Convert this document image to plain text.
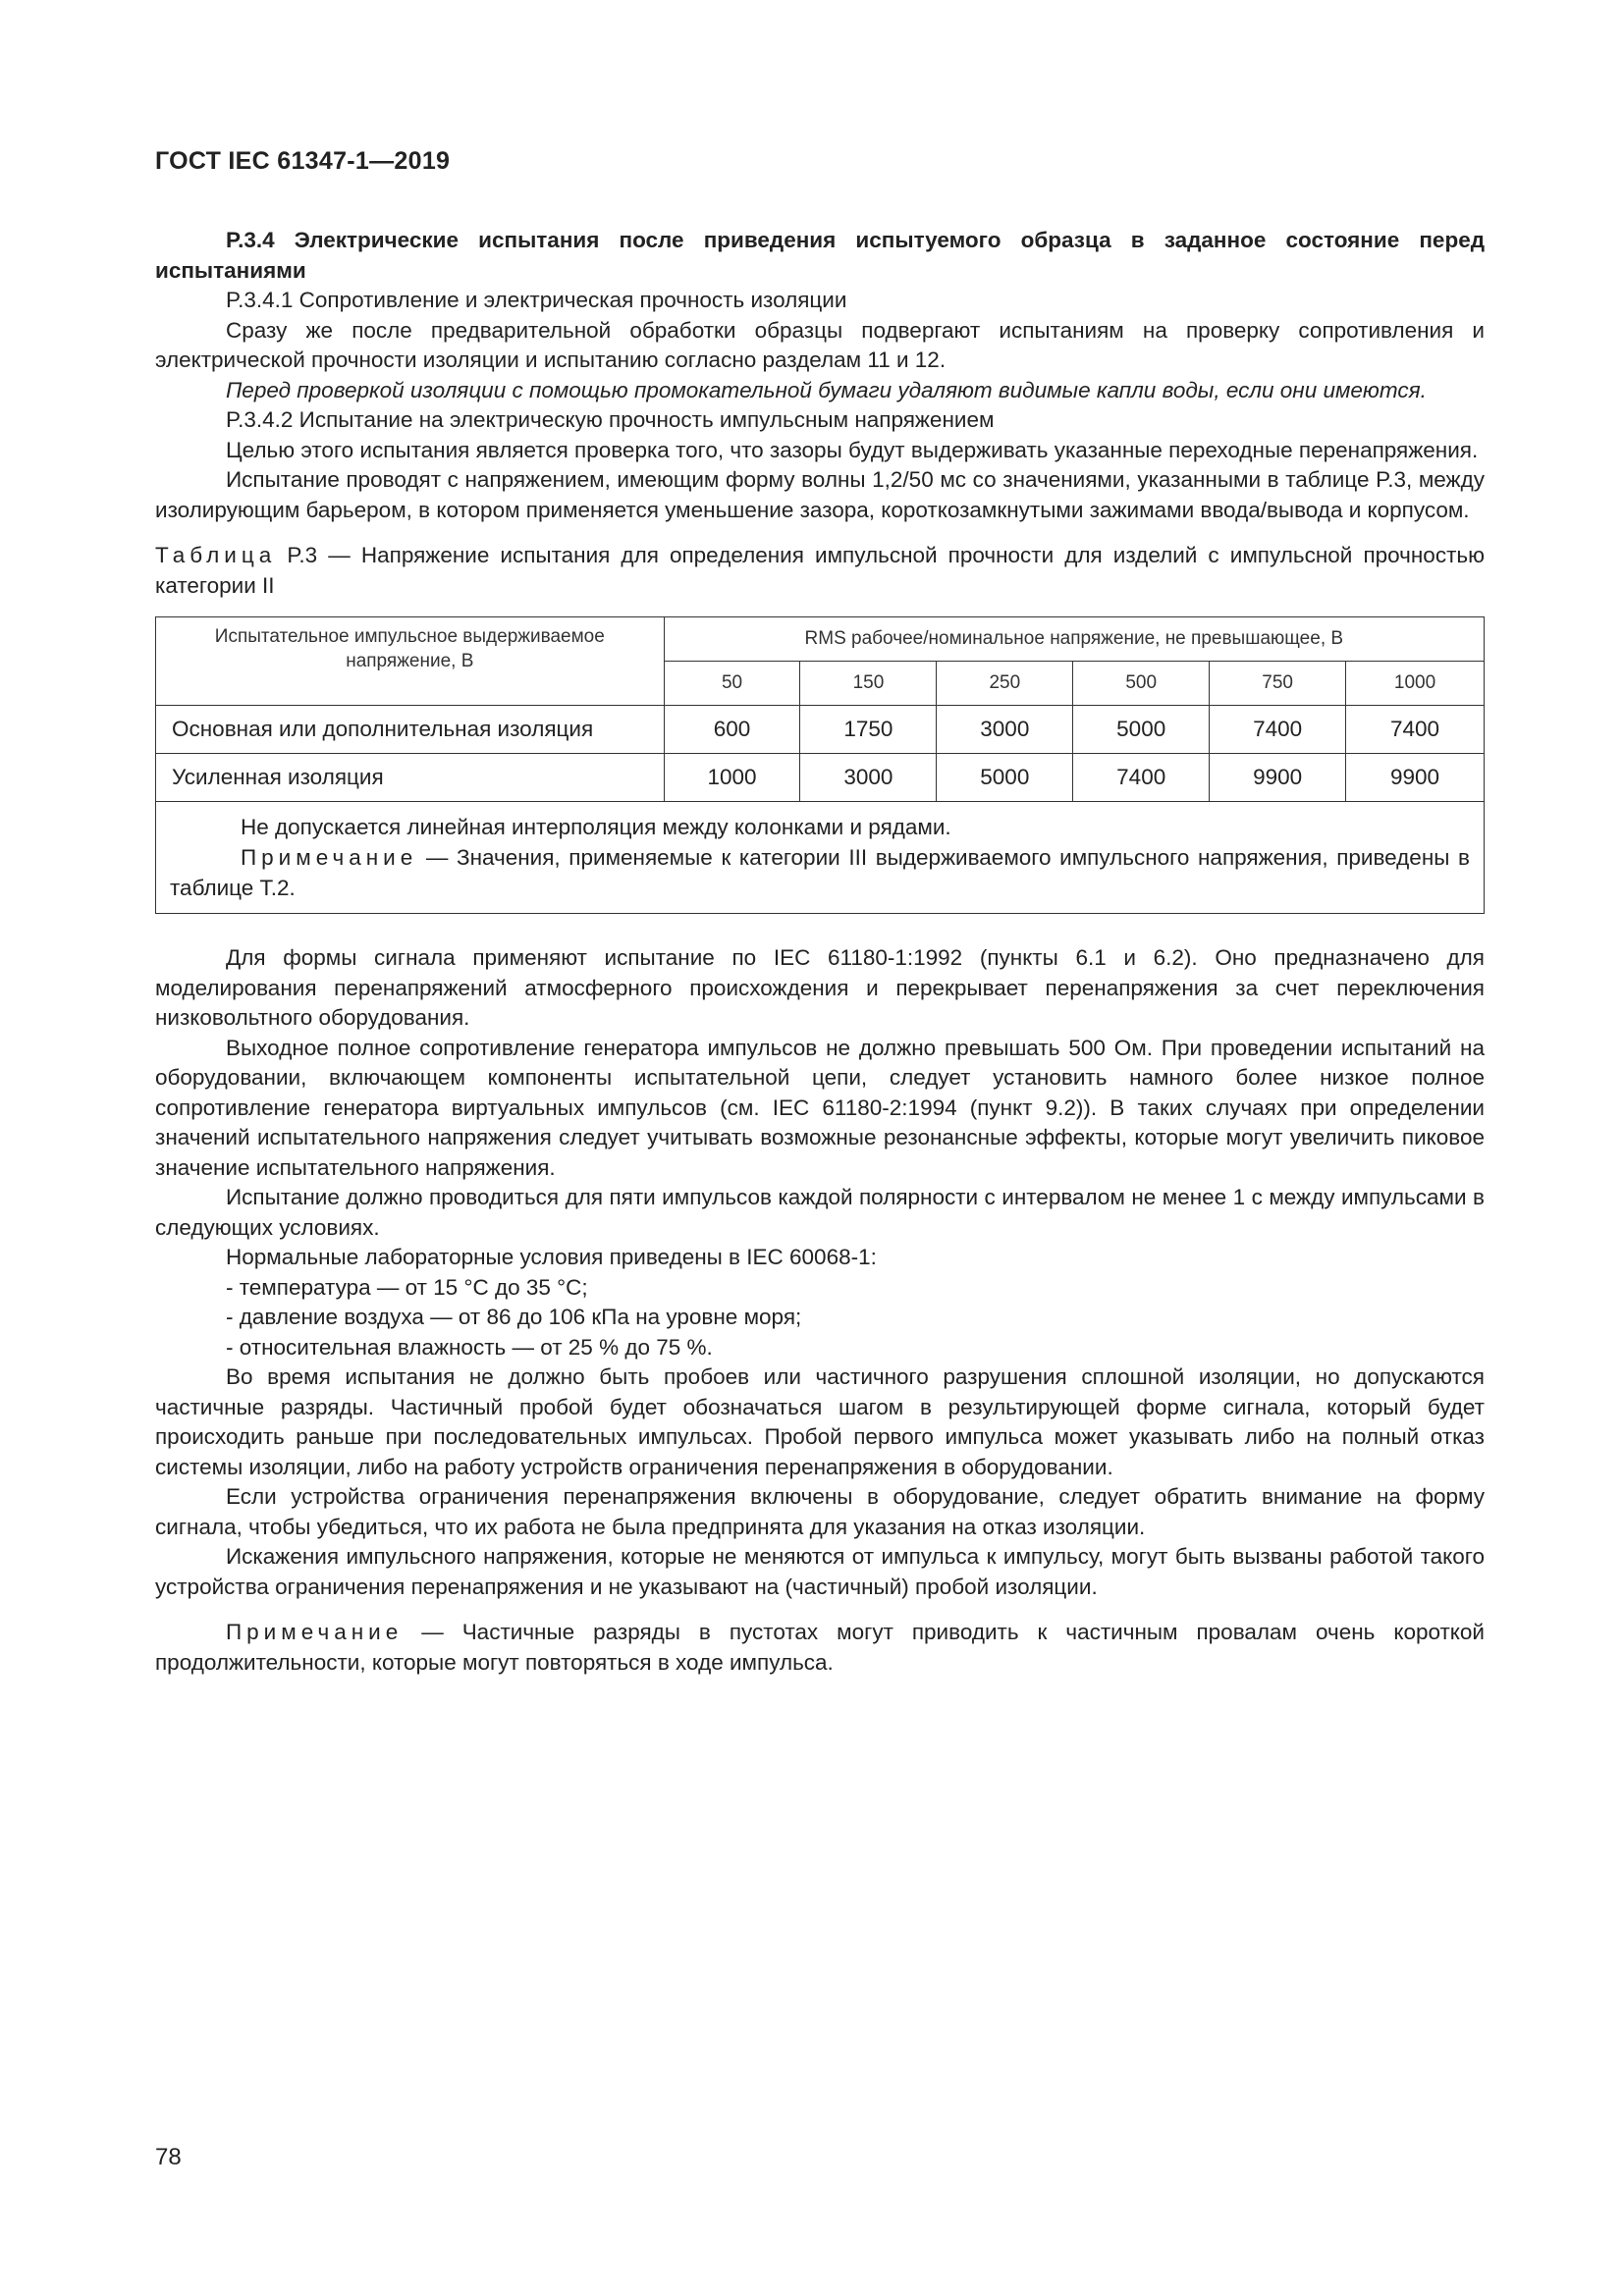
ГОСТ IEC 61347-1—2019

P.3.4 Электрические испытания после приведения испытуемого образца в заданное состояние перед испытаниями

P.3.4.1 Сопротивление и электрическая прочность изоляции

Сразу же после предварительной обработки образцы подвергают испытаниям на проверку сопротивления и электрической прочности изоляции и испытанию согласно разделам 11 и 12.

Перед проверкой изоляции с помощью промокательной бумаги удаляют видимые капли воды, если они имеются.

P.3.4.2 Испытание на электрическую прочность импульсным напряжением

Целью этого испытания является проверка того, что зазоры будут выдерживать указанные переходные перенапряжения.

Испытание проводят с напряжением, имеющим форму волны 1,2/50 мс со значениями, указанными в таблице P.3, между изолирующим барьером, в котором применяется уменьшение зазора, короткозамкнутыми зажимами ввода/вывода и корпусом.

Таблица P.3 — Напряжение испытания для определения импульсной прочности для изделий с импульсной прочностью категории II

Испытательное импульсное выдерживаемое напряжение, В	RMS рабочее/номинальное напряжение, не превышающее, В					
	50	150	250	500	750	1000
Основная или дополнительная изоляция	600	1750	3000	5000	7400	7400
Усиленная изоляция	1000	3000	5000	7400	9900	9900

Не допускается линейная интерполяция между колонками и рядами.

Примечание — Значения, применяемые к категории III выдерживаемого импульсного напряжения, приведены в таблице T.2.						

Для формы сигнала применяют испытание по IEC 61180-1:1992 (пункты 6.1 и 6.2). Оно предназначено для моделирования перенапряжений атмосферного происхождения и перекрывает перенапряжения за счет переключения низковольтного оборудования.

Выходное полное сопротивление генератора импульсов не должно превышать 500 Ом. При проведении испытаний на оборудовании, включающем компоненты испытательной цепи, следует установить намного более низкое полное сопротивление генератора виртуальных импульсов (см. IEC 61180-2:1994 (пункт 9.2)). В таких случаях при определении значений испытательного напряжения следует учитывать возможные резонансные эффекты, которые могут увеличить пиковое значение испытательного напряжения.

Испытание должно проводиться для пяти импульсов каждой полярности с интервалом не менее 1 с между импульсами в следующих условиях.

Нормальные лабораторные условия приведены в IEC 60068-1:

- температура — от 15 °С до 35 °С;

- давление воздуха — от 86 до 106 кПа на уровне моря;

- относительная влажность — от 25 % до 75 %.

Во время испытания не должно быть пробоев или частичного разрушения сплошной изоляции, но допускаются частичные разряды. Частичный пробой будет обозначаться шагом в результирующей форме сигнала, который будет происходить раньше при последовательных импульсах. Пробой первого импульса может указывать либо на полный отказ системы изоляции, либо на работу устройств ограничения перенапряжения в оборудовании.

Если устройства ограничения перенапряжения включены в оборудование, следует обратить внимание на форму сигнала, чтобы убедиться, что их работа не была предпринята для указания на отказ изоляции.

Искажения импульсного напряжения, которые не меняются от импульса к импульсу, могут быть вызваны работой такого устройства ограничения перенапряжения и не указывают на (частичный) пробой изоляции.

Примечание — Частичные разряды в пустотах могут приводить к частичным провалам очень короткой продолжительности, которые могут повторяться в ходе импульса.

78
